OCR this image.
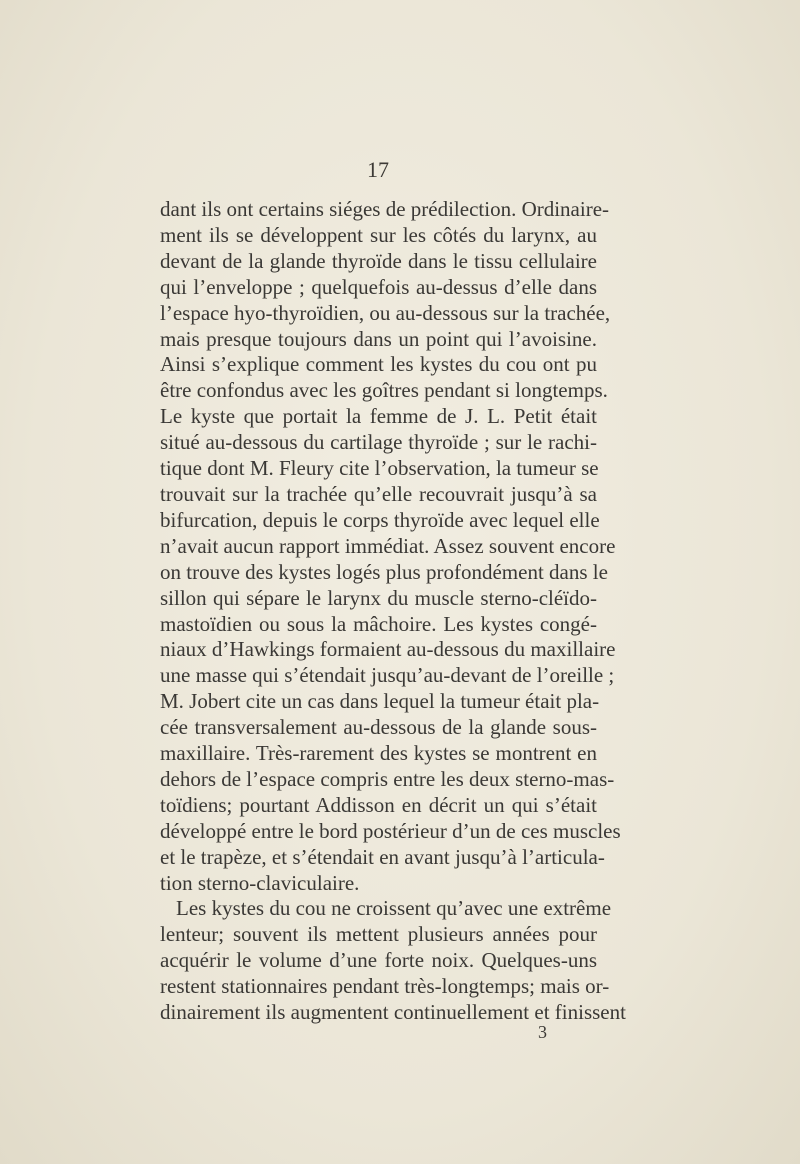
17
dant ils ont certains siéges de prédilection. Ordinaire-
ment ils se développent sur les côtés du larynx, au
devant de la glande thyroïde dans le tissu cellulaire
qui l’enveloppe ; quelquefois au-dessus d’elle dans
l’espace hyo-thyroïdien, ou au-dessous sur la trachée,
mais presque toujours dans un point qui l’avoisine.
Ainsi s’explique comment les kystes du cou ont pu
être confondus avec les goîtres pendant si longtemps.
Le kyste que portait la femme de J. L. Petit était
situé au-dessous du cartilage thyroïde ; sur le rachi-
tique dont M. Fleury cite l’observation, la tumeur se
trouvait sur la trachée qu’elle recouvrait jusqu’à sa
bifurcation, depuis le corps thyroïde avec lequel elle
n’avait aucun rapport immédiat. Assez souvent encore
on trouve des kystes logés plus profondément dans le
sillon qui sépare le larynx du muscle sterno-cléïdo-
mastoïdien ou sous la mâchoire. Les kystes congé-
niaux d’Hawkings formaient au-dessous du maxillaire
une masse qui s’étendait jusqu’au-devant de l’oreille ;
M. Jobert cite un cas dans lequel la tumeur était pla-
cée transversalement au-dessous de la glande sous-
maxillaire. Très-rarement des kystes se montrent en
dehors de l’espace compris entre les deux sterno-mas-
toïdiens; pourtant Addisson en décrit un qui s’était
développé entre le bord postérieur d’un de ces muscles
et le trapèze, et s’étendait en avant jusqu’à l’articula-
tion sterno-claviculaire.
Les kystes du cou ne croissent qu’avec une extrême
lenteur; souvent ils mettent plusieurs années pour
acquérir le volume d’une forte noix. Quelques-uns
restent stationnaires pendant très-longtemps; mais or-
dinairement ils augmentent continuellement et finissent
3
